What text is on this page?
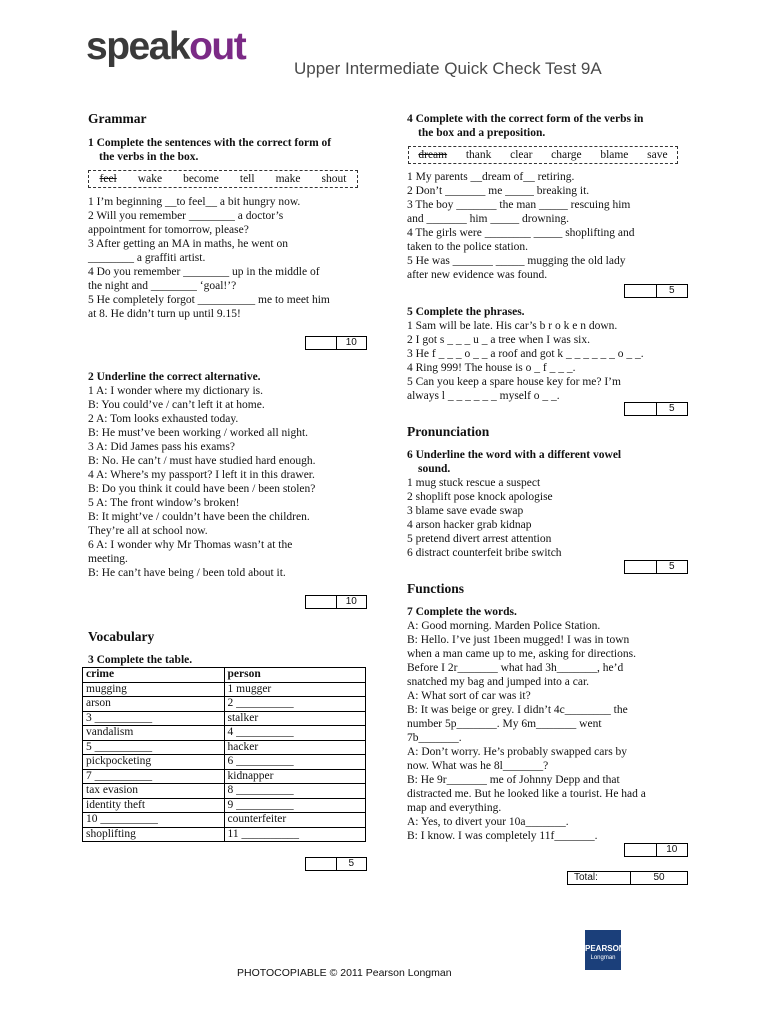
speakout
Upper Intermediate Quick Check Test 9A
Grammar
1 Complete the sentences with the correct form of
the verbs in the box.
feel wake become tell make shout
1 I’m beginning __to feel__ a bit hungry now.
2 Will you remember ________ a doctor’s
appointment for tomorrow, please?
3 After getting an MA in maths, he went on
________ a graffiti artist.
4 Do you remember ________ up in the middle of
the night and ________ ‘goal!’?
5 He completely forgot __________ me to meet him
at 8. He didn’t turn up until 9.15!
10
2 Underline the correct alternative.
1 A: I wonder where my dictionary is.
B: You could’ve / can’t left it at home.
2 A: Tom looks exhausted today.
B: He must’ve been working / worked all night.
3 A: Did James pass his exams?
B: No. He can’t / must have studied hard enough.
4 A: Where’s my passport? I left it in this drawer.
B: Do you think it could have been / been stolen?
5 A: The front window’s broken!
B: It might’ve / couldn’t have been the children.
They’re all at school now.
6 A: I wonder why Mr Thomas wasn’t at the
meeting.
B: He can’t have being / been told about it.
10
Vocabulary
3 Complete the table.
crime	person
mugging	1 mugger
arson	2 __________
3 __________	stalker
vandalism	4 __________
5 __________	hacker
pickpocketing	6 __________
7 __________	kidnapper
tax evasion	8 __________
identity theft	9 __________
10 __________	counterfeiter
shoplifting	11 __________
5
4 Complete with the correct form of the verbs in
the box and a preposition.
dream thank clear charge blame save
1 My parents __dream of__ retiring.
2 Don’t _______ me _____ breaking it.
3 The boy _______ the man _____ rescuing him
and _______ him _____ drowning.
4 The girls were ________ _____ shoplifting and
taken to the police station.
5 He was _______ _____ mugging the old lady
after new evidence was found.
5
5 Complete the phrases.
1 Sam will be late. His car’s b r o k e n down.
2 I got s _ _ _ u _ a tree when I was six.
3 He f _ _ _ o _ _ a roof and got k _ _ _ _ _ _ o _ _.
4 Ring 999! The house is o _ f _ _ _.
5 Can you keep a spare house key for me? I’m
always l _ _ _ _ _ _ myself o _ _.
5
Pronunciation
6 Underline the word with a different vowel
sound.
1 mug stuck rescue a suspect
2 shoplift pose knock apologise
3 blame save evade swap
4 arson hacker grab kidnap
5 pretend divert arrest attention
6 distract counterfeit bribe switch
5
Functions
7 Complete the words.
A: Good morning. Marden Police Station.
B: Hello. I’ve just 1been mugged! I was in town
when a man came up to me, asking for directions.
Before I 2r_______ what had 3h_______, he’d
snatched my bag and jumped into a car.
A: What sort of car was it?
B: It was beige or grey. I didn’t 4c________ the
number 5p_______. My 6m_______ went
7b_______.
A: Don’t worry. He’s probably swapped cars by
now. What was he 8l_______?
B: He 9r_______ me of Johnny Depp and that
distracted me. But he looked like a tourist. He had a
map and everything.
A: Yes, to divert your 10a_______.
B: I know. I was completely 11f_______.
10
Total:	50
PEARSON
Longman
PHOTOCOPIABLE © 2011 Pearson Longman
